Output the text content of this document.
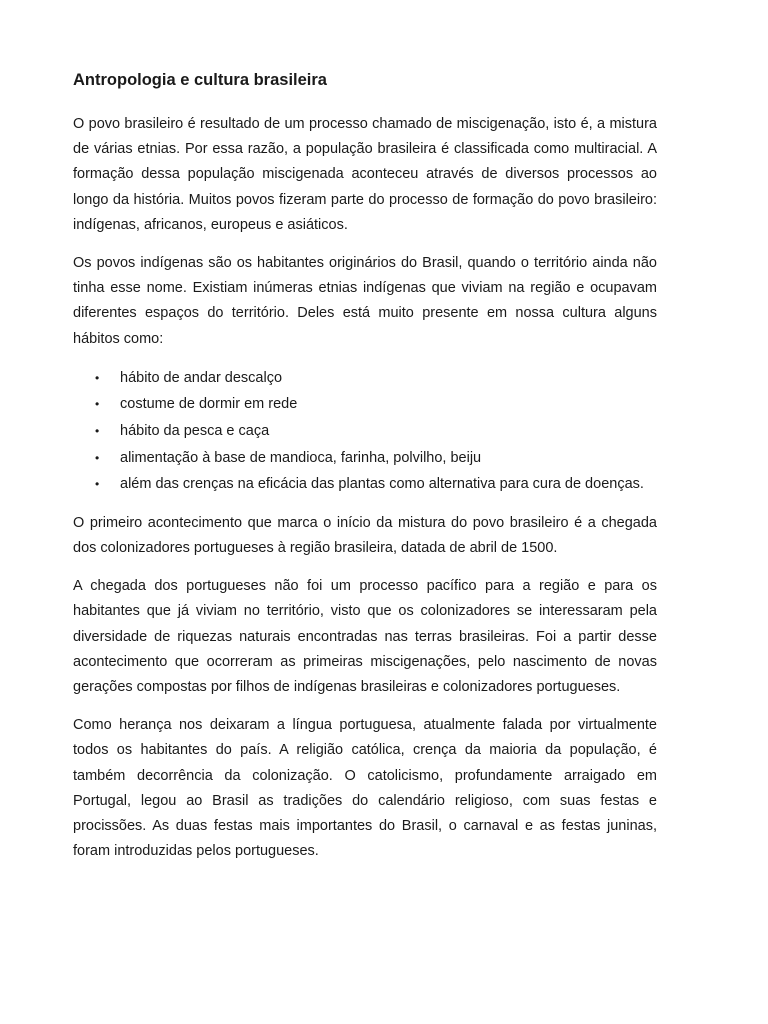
Antropologia e cultura brasileira

O povo brasileiro é resultado de um processo chamado de miscigenação, isto é, a mistura de várias etnias. Por essa razão, a população brasileira é classificada como multiracial. A formação dessa população miscigenada aconteceu através de diversos processos ao longo da história. Muitos povos fizeram parte do processo de formação do povo brasileiro: indígenas, africanos, europeus e asiáticos.

Os povos indígenas são os habitantes originários do Brasil, quando o território ainda não tinha esse nome. Existiam inúmeras etnias indígenas que viviam na região e ocupavam diferentes espaços do território. Deles está muito presente em nossa cultura alguns hábitos como:

• hábito de andar descalço
• costume de dormir em rede
• hábito da pesca e caça
• alimentação à base de mandioca, farinha, polvilho, beiju
• além das crenças na eficácia das plantas como alternativa para cura de doenças.

O primeiro acontecimento que marca o início da mistura do povo brasileiro é a chegada dos colonizadores portugueses à região brasileira, datada de abril de 1500.

A chegada dos portugueses não foi um processo pacífico para a região e para os habitantes que já viviam no território, visto que os colonizadores se interessaram pela diversidade de riquezas naturais encontradas nas terras brasileiras. Foi a partir desse acontecimento que ocorreram as primeiras miscigenações, pelo nascimento de novas gerações compostas por filhos de indígenas brasileiras e colonizadores portugueses.

Como herança nos deixaram a língua portuguesa, atualmente falada por virtualmente todos os habitantes do país. A religião católica, crença da maioria da população, é também decorrência da colonização. O catolicismo, profundamente arraigado em Portugal, legou ao Brasil as tradições do calendário religioso, com suas festas e procissões. As duas festas mais importantes do Brasil, o carnaval e as festas juninas, foram introduzidas pelos portugueses.
